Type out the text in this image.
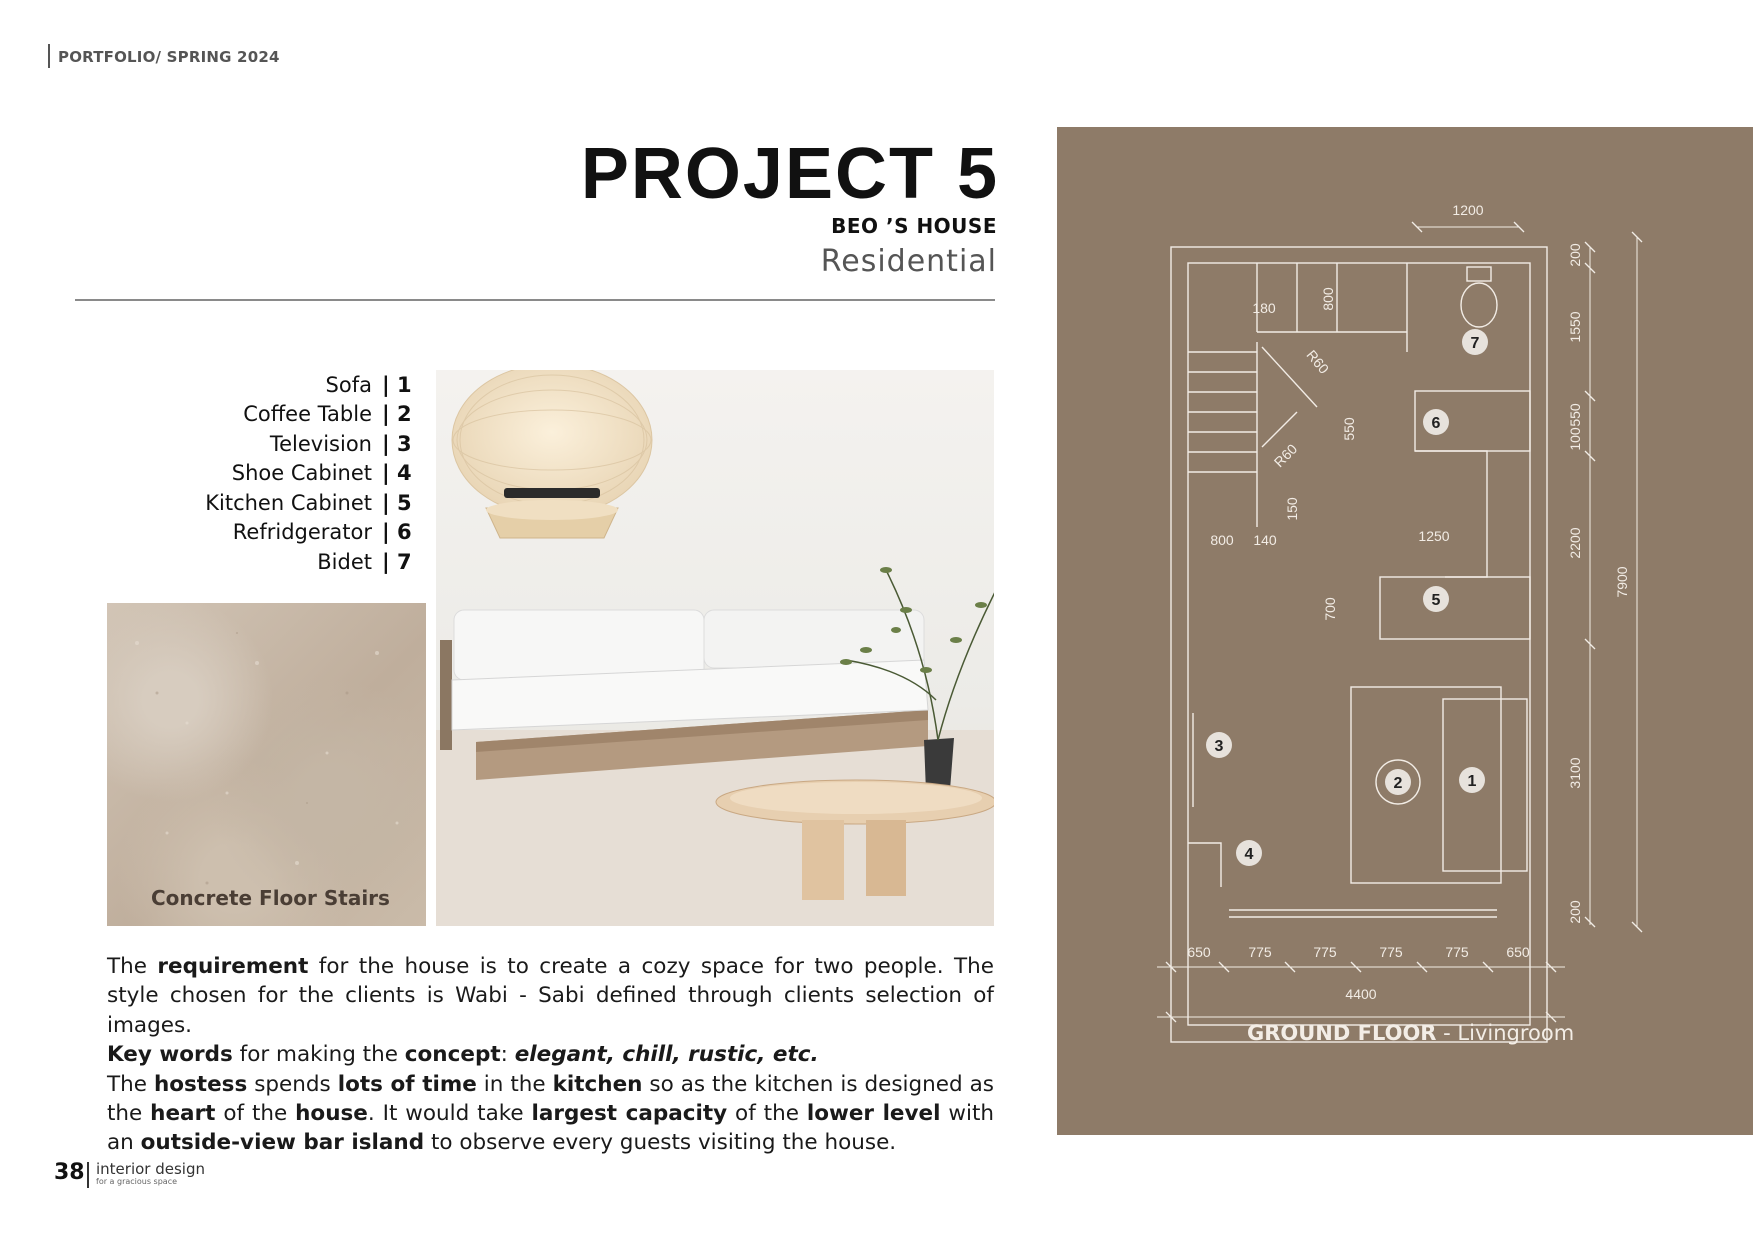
PORTFOLIO/ SPRING 2024
PROJECT 5
BEO ’S HOUSE
Residential
Sofa | 1
Coffee Table | 2
Television | 3
Shoe Cabinet | 4
Kitchen Cabinet | 5
Refridgerator | 6
Bidet | 7
Concrete Floor Stairs
The requirement for the house is to create a cozy space for two people. The style chosen for the clients is Wabi - Sabi defined through clients selection of images.
Key words for making the concept: elegant, chill, rustic, etc.
The hostess spends lots of time in the kitchen so as the kitchen is designed as the heart of the house. It would take largest capacity of the lower level with an outside-view bar island to observe every guests visiting the house.
38 interior design
for a gracious space
1200
650	775	775	775	775	650
4400
200
1550
550
100
2200
3100
200
7900
180	800
R60
550
R60
150
800 140	1250
700
7
6
5
3
2	1
4
GROUND FLOOR - Livingroom
